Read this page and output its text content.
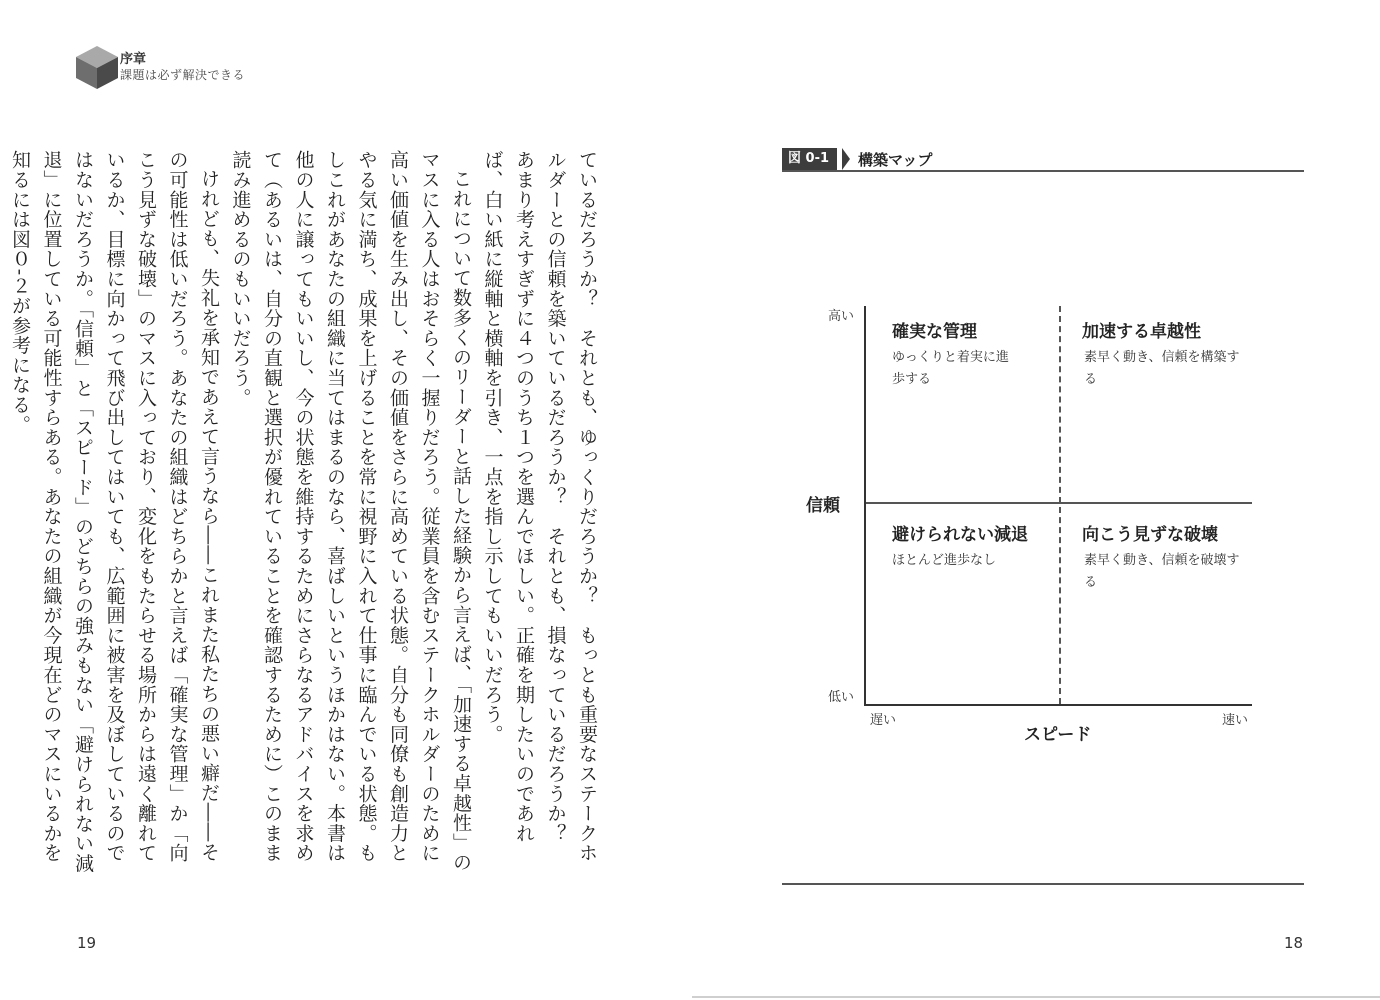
序章
課題は必ず解決できる

ているだろうか？　それとも、ゆっくりだろうか？　もっとも重要なステークホルダーとの信頼を築いているだろうか？　それとも、損なっているだろうか？　あまり考えすぎずに４つのうち１つを選んでほしい。正確を期したいのであれば、白い紙に縦軸と横軸を引き、一点を指し示してもいいだろう。

これについて数多くのリーダーと話した経験から言えば、「加速する卓越性」のマスに入る人はおそらく一握りだろう。従業員を含むステークホルダーのために高い価値を生み出し、その価値をさらに高めている状態。自分も同僚も創造力とやる気に満ち、成果を上げることを常に視野に入れて仕事に臨んでいる状態。もしこれがあなたの組織に当てはまるのなら、喜ばしいというほかはない。本書は他の人に譲ってもいいし、今の状態を維持するためにさらなるアドバイスを求めて（あるいは、自分の直観と選択が優れていることを確認するために）このまま読み進めるのもいいだろう。

けれども、失礼を承知であえて言うなら――これまた私たちの悪い癖だ――その可能性は低いだろう。あなたの組織はどちらかと言えば「確実な管理」か「向こう見ずな破壊」のマスに入っており、変化をもたらせる場所からは遠く離れているか、目標に向かって飛び出してはいても、広範囲に被害を及ぼしているのではないだろうか。「信頼」と「スピード」のどちらの強みもない「避けられない減退」に位置している可能性すらある。あなたの組織が今現在どのマスにいるかを知るには図０-２が参考になる。

19
図 0-1	構築マップ
高い
低い
信頼
遅い	速い
スピード
確実な管理
ゆっくりと着実に進歩する
加速する卓越性
素早く動き、信頼を構築する
避けられない減退
ほとんど進歩なし
向こう見ずな破壊
素早く動き、信頼を破壊する
18
